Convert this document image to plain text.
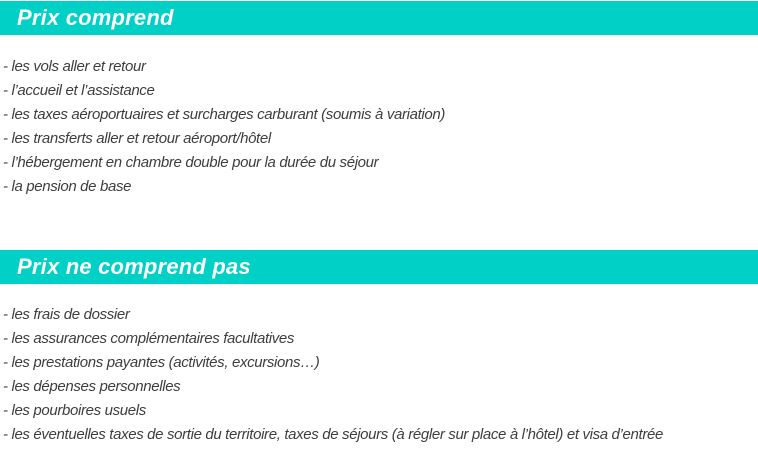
Prix comprend
- les vols aller et retour
- l’accueil et l’assistance
- les taxes aéroportuaires et surcharges carburant (soumis à variation)
- les transferts aller et retour aéroport/hôtel
- l’hébergement en chambre double pour la durée du séjour
- la pension de base
Prix ne comprend pas
- les frais de dossier
- les assurances complémentaires facultatives
- les prestations payantes (activités, excursions…)
- les dépenses personnelles
- les pourboires usuels
- les éventuelles taxes de sortie du territoire, taxes de séjours (à régler sur place à l’hôtel) et visa d’entrée
